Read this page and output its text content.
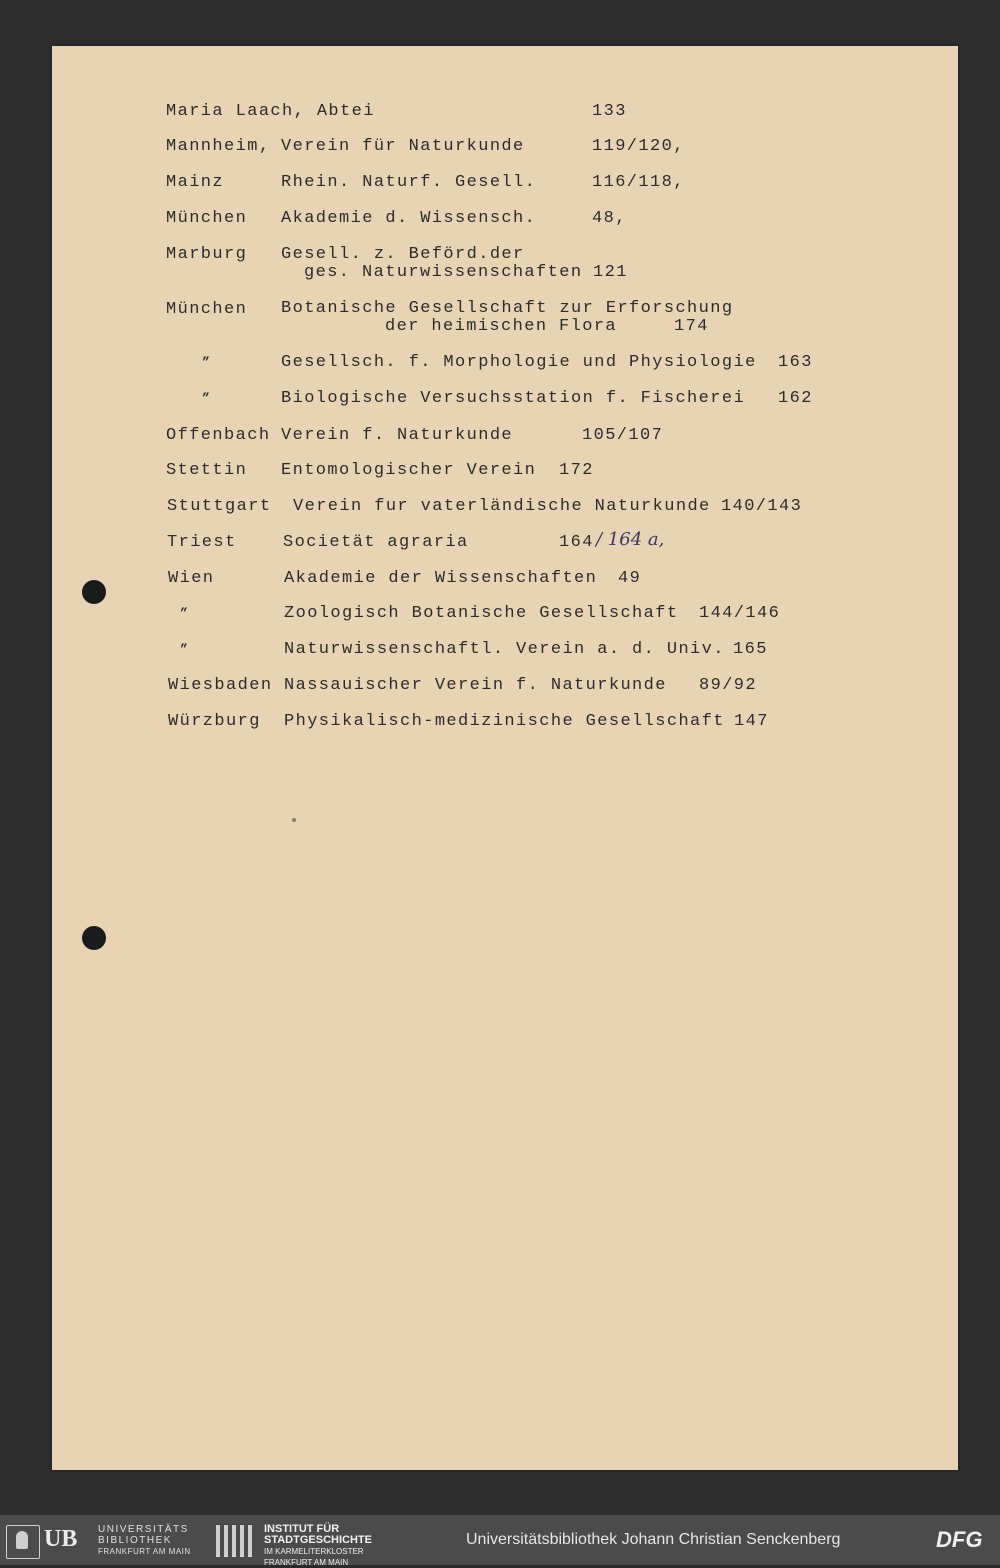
Maria Laach, Abtei	133
Mannheim, Verein für Naturkunde	119/120,
Mainz	Rhein. Naturf. Gesell.	116/118,
München Akademie d. Wissensch.	48,
Marburg Gesell. z. Beförd.der
ges. Naturwissenschaften 121
München Botanische Gesellschaft zur Erforschung
der heimischen Flora	174
”	Gesellsch. f. Morphologie und Physiologie 163
”	Biologische Versuchsstation f. Fischerei 162
Offenbach Verein f. Naturkunde	105/107
Stettin Entomologischer Verein 172
Stuttgart Verein fur vaterländische Naturkunde 140/143
Triest	Societät agraria	164 / 164 a,
Wien	Akademie der Wissenschaften 49
”	Zoologisch Botanische Gesellschaft 144/146
”	Naturwissenschaftl. Verein a. d. Univ. 165
Wiesbaden Nassauischer Verein f. Naturkunde 89/92
Würzburg Physikalisch-medizinische Gesellschaft 147
UB UNIVERSITÄTS
BIBLIOTHEK
FRANKFURT AM MAIN
INSTITUT FÜR
STADTGESCHICHTE
IM KARMELITERKLOSTER
FRANKFURT AM MAIN
Universitätsbibliothek Johann Christian Senckenberg	DFG
